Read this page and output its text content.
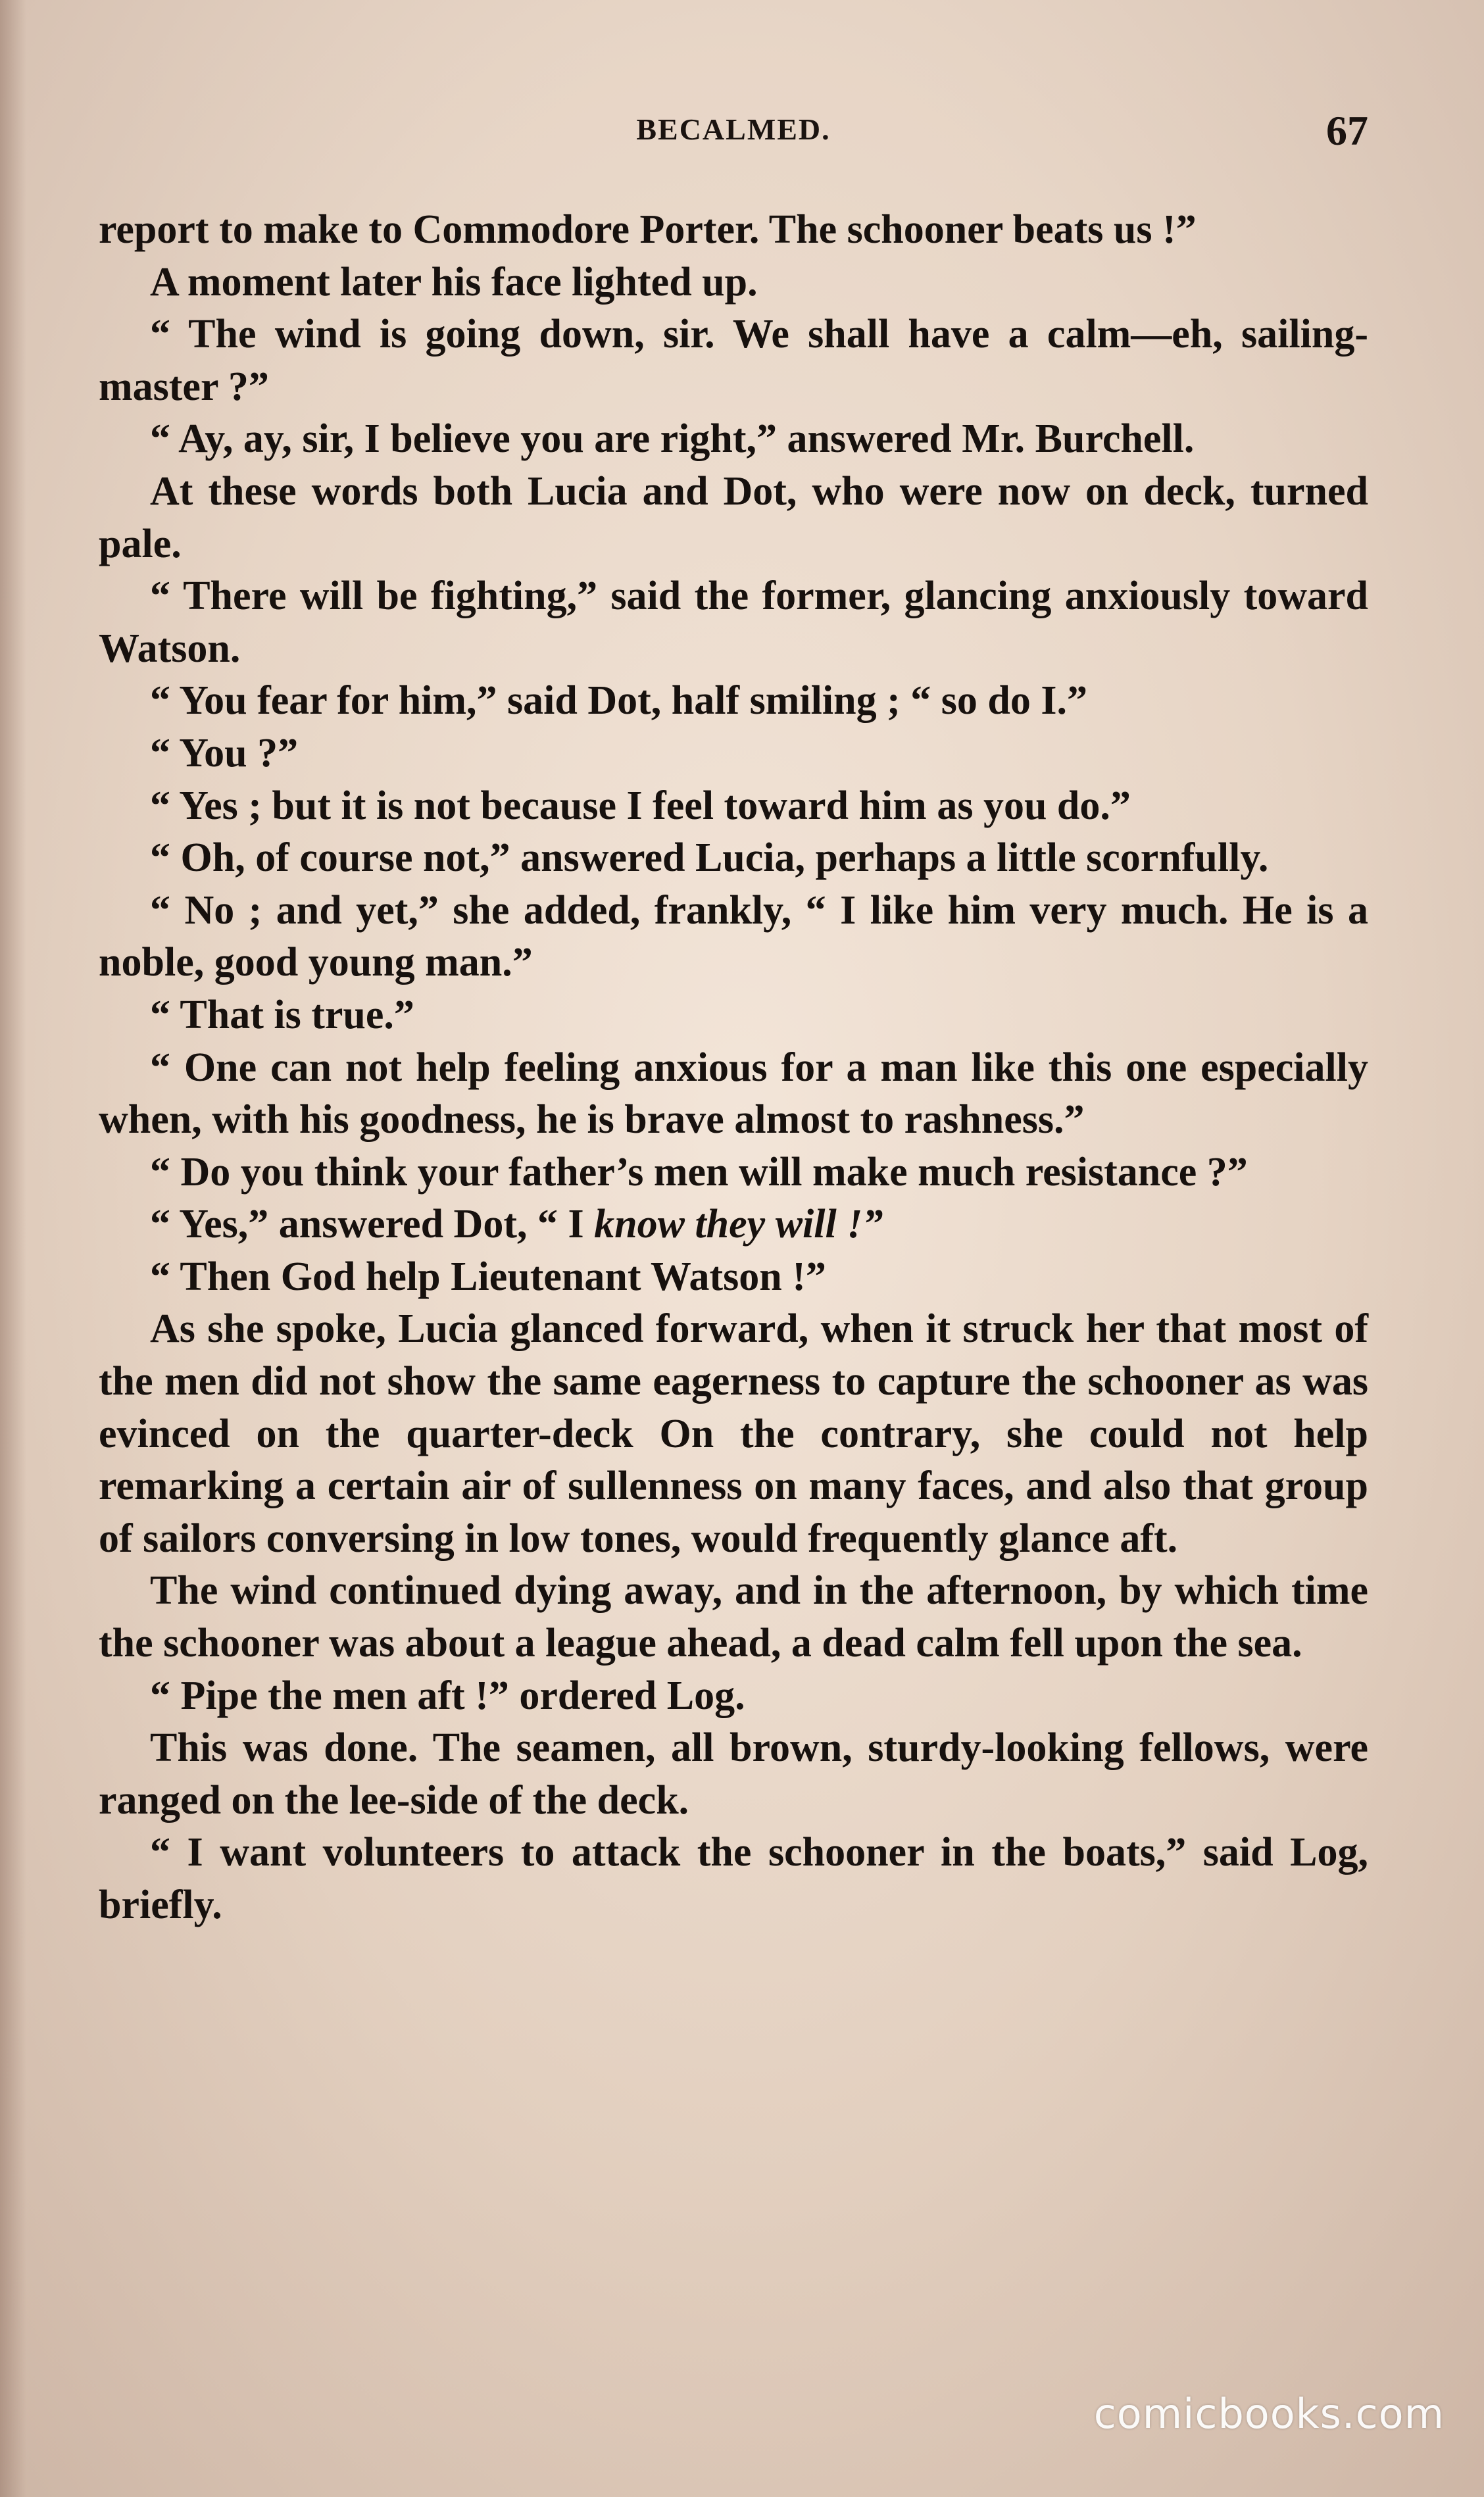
BECALMED.	67

report to make to Commodore Porter. The schooner beats us !”

A moment later his face lighted up.

“ The wind is going down, sir. We shall have a calm—eh, sailing-master ?”

“ Ay, ay, sir, I believe you are right,” answered Mr. Burchell.

At these words both Lucia and Dot, who were now on deck, turned pale.

“ There will be fighting,” said the former, glancing anxiously toward Watson.

“ You fear for him,” said Dot, half smiling ; “ so do I.”

“ You ?”

“ Yes ; but it is not because I feel toward him as you do.”

“ Oh, of course not,” answered Lucia, perhaps a little scornfully.

“ No ; and yet,” she added, frankly, “ I like him very much. He is a noble, good young man.”

“ That is true.”

“ One can not help feeling anxious for a man like this one especially when, with his goodness, he is brave almost to rashness.”

“ Do you think your father’s men will make much resistance ?”

“ Yes,” answered Dot, “ I know they will !”

“ Then God help Lieutenant Watson !”

As she spoke, Lucia glanced forward, when it struck her that most of the men did not show the same eagerness to capture the schooner as was evinced on the quarter-deck On the contrary, she could not help remarking a certain air of sullenness on many faces, and also that group of sailors conversing in low tones, would frequently glance aft.

The wind continued dying away, and in the afternoon, by which time the schooner was about a league ahead, a dead calm fell upon the sea.

“ Pipe the men aft !” ordered Log.

This was done. The seamen, all brown, sturdy-looking fellows, were ranged on the lee-side of the deck.

“ I want volunteers to attack the schooner in the boats,” said Log, briefly.

comicbooks.com
